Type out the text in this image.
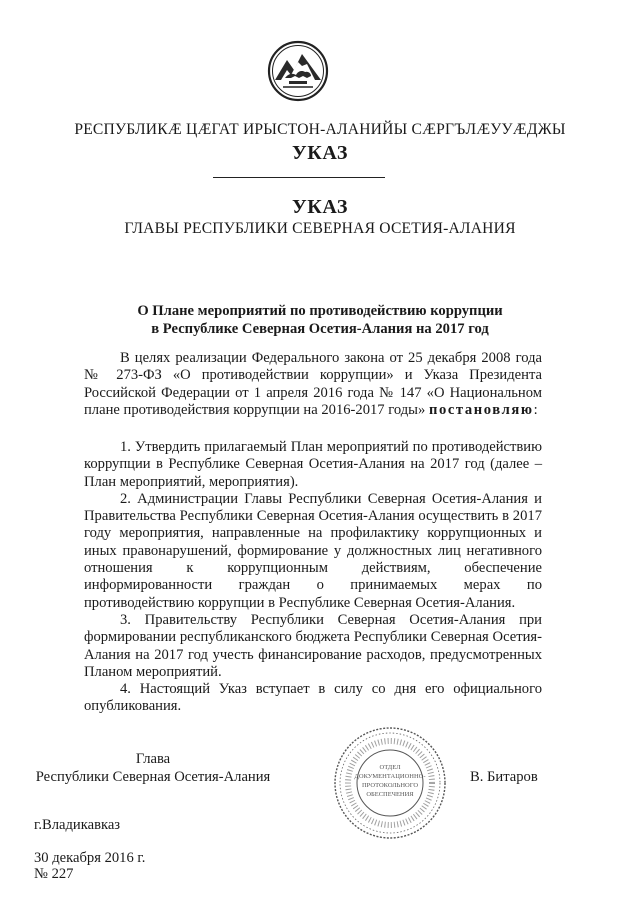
РЕСПУБЛИКӔ ЦӔГАТ ИРЫСТОН-АЛАНИЙЫ СӔРГЪЛӔУУӔДЖЫ
УКАЗ
УКАЗ
ГЛАВЫ РЕСПУБЛИКИ СЕВЕРНАЯ ОСЕТИЯ-АЛАНИЯ
О Плане мероприятий по противодействию коррупции
в Республике Северная Осетия-Алания на 2017 год

В целях реализации Федерального закона от 25 декабря 2008 года № 273-ФЗ «О противодействии коррупции» и Указа Президента Российской Федерации от 1 апреля 2016 года № 147 «О Национальном плане противодействия коррупции на 2016-2017 годы» постановляю:

1. Утвердить прилагаемый План мероприятий по противодействию коррупции в Республике Северная Осетия-Алания на 2017 год (далее – План мероприятий, мероприятия).

2. Администрации Главы Республики Северная Осетия-Алания и Правительства Республики Северная Осетия-Алания осуществить в 2017 году мероприятия, направленные на профилактику коррупционных и иных правонарушений, формирование у должностных лиц негативного отношения к коррупционным действиям, обеспечение информированности граждан о принимаемых мерах по противодействию коррупции в Республике Северная Осетия-Алания.

3. Правительству Республики Северная Осетия-Алания при формировании республиканского бюджета Республики Северная Осетия-Алания на 2017 год учесть финансирование расходов, предусмотренных Планом мероприятий.

4. Настоящий Указ вступает в силу со дня его официального опубликования.

Глава
Республики Северная Осетия-Алания
ОТДЕЛ
ДОКУМЕНТАЦИОННО-
ПРОТОКОЛЬНОГО
ОБЕСПЕЧЕНИЯ
В. Битаров
г.Владикавказ
30 декабря 2016 г.
№ 227
